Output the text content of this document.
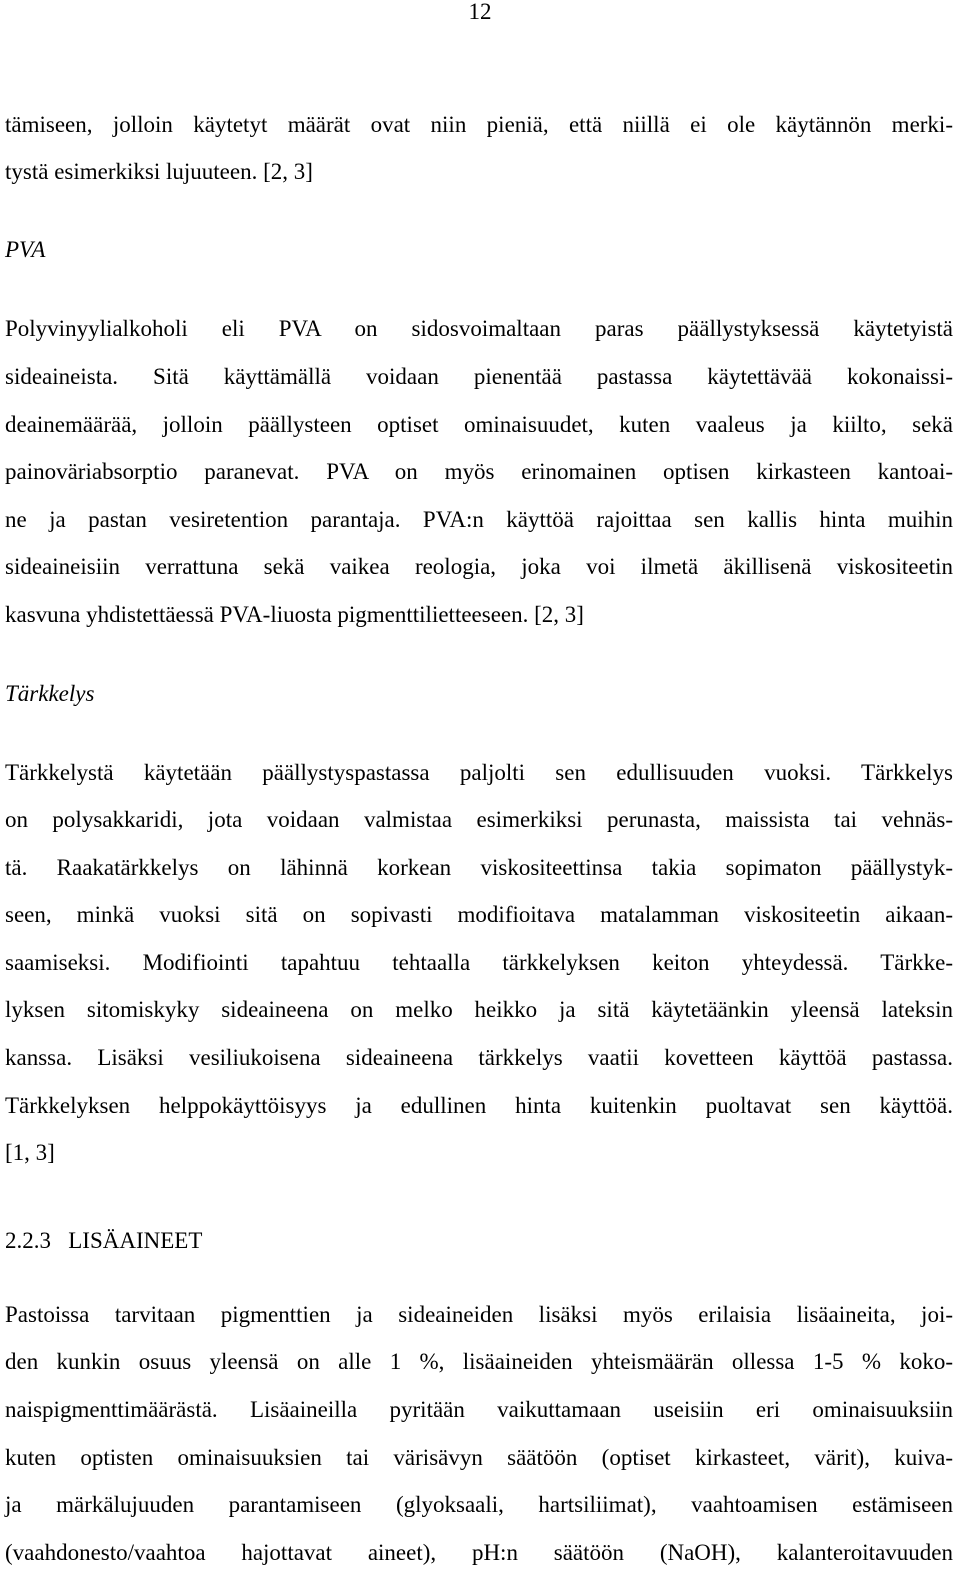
12
tämiseen, jolloin käytetyt määrät ovat niin pieniä, että niillä ei ole käytännön merki-
tystä esimerkiksi lujuuteen. [2, 3]
PVA
Polyvinyylialkoholi eli PVA on sidosvoimaltaan paras päällystyksessä käytetyistä
sideaineista. Sitä käyttämällä voidaan pienentää pastassa käytettävää kokonaissi-
deainemäärää, jolloin päällysteen optiset ominaisuudet, kuten vaaleus ja kiilto, sekä
painoväriabsorptio paranevat. PVA on myös erinomainen optisen kirkasteen kantoai-
ne ja pastan vesiretention parantaja. PVA:n käyttöä rajoittaa sen kallis hinta muihin
sideaineisiin verrattuna sekä vaikea reologia, joka voi ilmetä äkillisenä viskositeetin
kasvuna yhdistettäessä PVA-liuosta pigmenttilietteeseen. [2, 3]
Tärkkelys
Tärkkelystä käytetään päällystyspastassa paljolti sen edullisuuden vuoksi. Tärkkelys
on polysakkaridi, jota voidaan valmistaa esimerkiksi perunasta, maissista tai vehnäs-
tä. Raakatärkkelys on lähinnä korkean viskositeettinsa takia sopimaton päällystyk-
seen, minkä vuoksi sitä on sopivasti modifioitava matalamman viskositeetin aikaan-
saamiseksi. Modifiointi tapahtuu tehtaalla tärkkelyksen keiton yhteydessä. Tärkke-
lyksen sitomiskyky sideaineena on melko heikko ja sitä käytetäänkin yleensä lateksin
kanssa. Lisäksi vesiliukoisena sideaineena tärkkelys vaatii kovetteen käyttöä pastassa.
Tärkkelyksen helppokäyttöisyys ja edullinen hinta kuitenkin puoltavat sen käyttöä.
[1, 3]
2.2.3   LISÄAINEET
Pastoissa tarvitaan pigmenttien ja sideaineiden lisäksi myös erilaisia lisäaineita, joi-
den kunkin osuus yleensä on alle 1 %, lisäaineiden yhteismäärän ollessa 1-5 % koko-
naispigmenttimäärästä. Lisäaineilla pyritään vaikuttamaan useisiin eri ominaisuuksiin
kuten optisten ominaisuuksien tai värisävyn säätöön (optiset kirkasteet, värit), kuiva-
ja märkälujuuden parantamiseen (glyoksaali, hartsiliimat), vaahtoamisen estämiseen
(vaahdonesto/vaahtoa hajottavat aineet), pH:n säätöön (NaOH), kalanteroitavuuden
